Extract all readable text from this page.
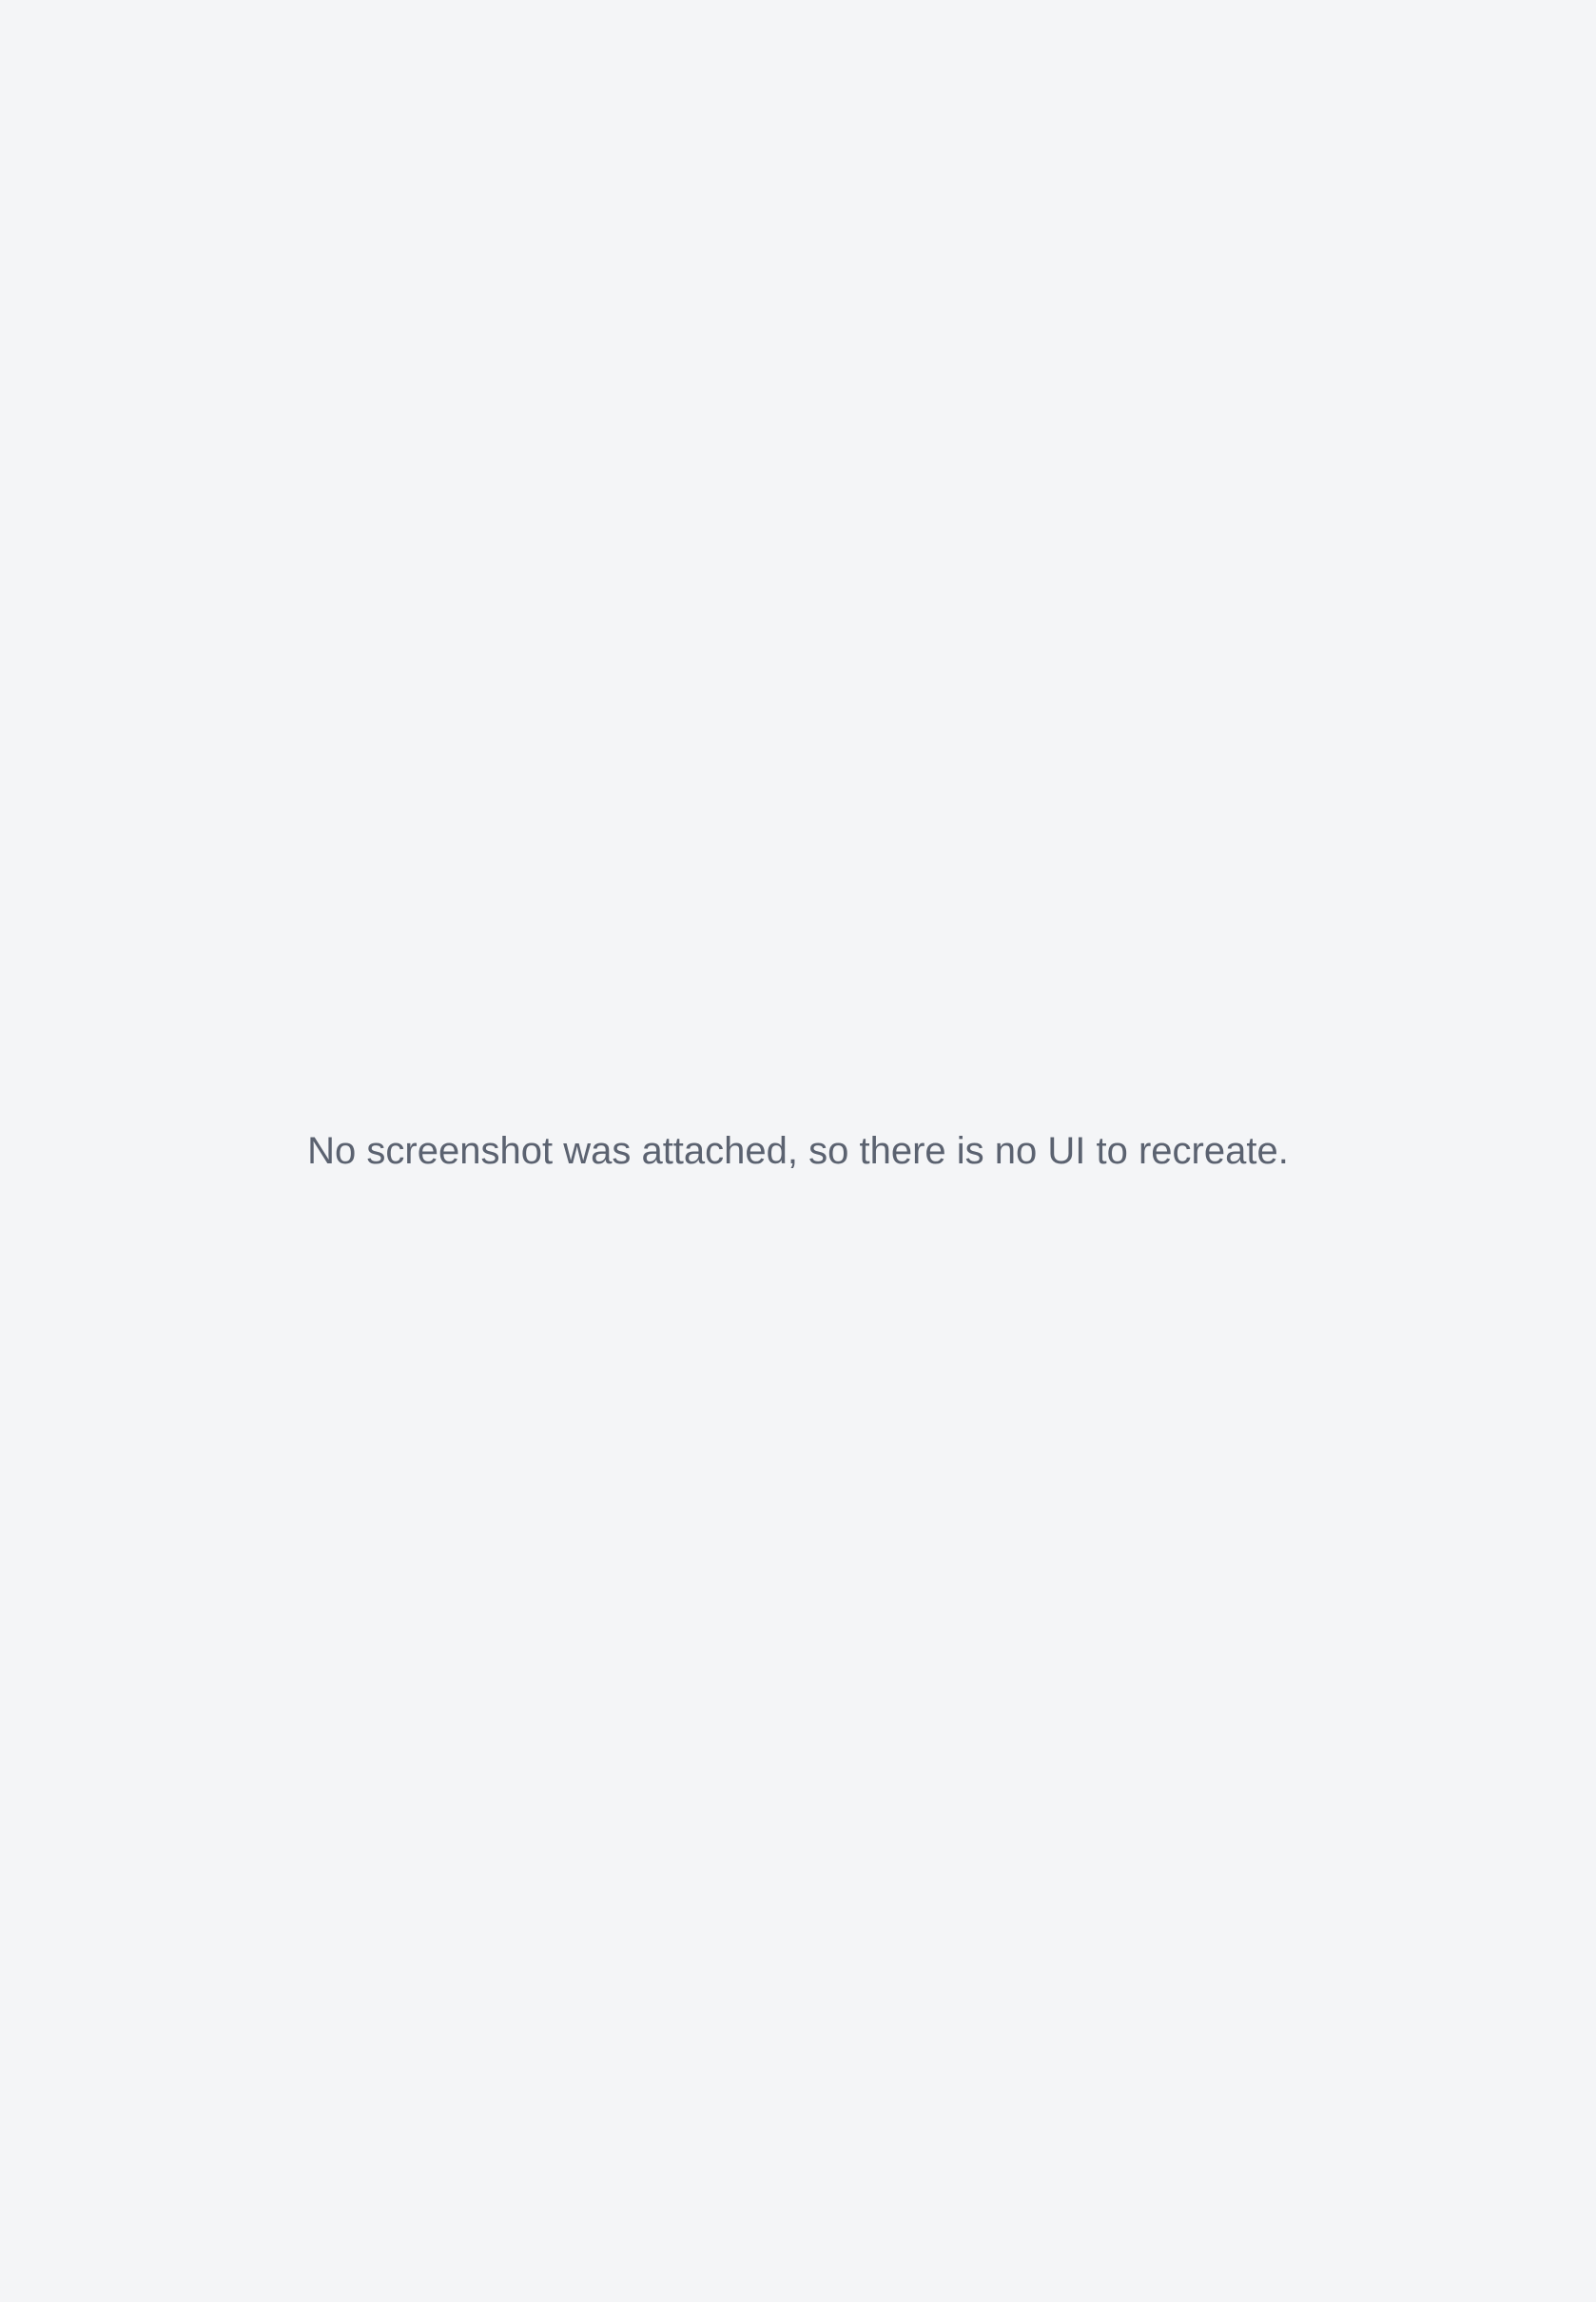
No screenshot was attached, so there is no UI to recreate.
